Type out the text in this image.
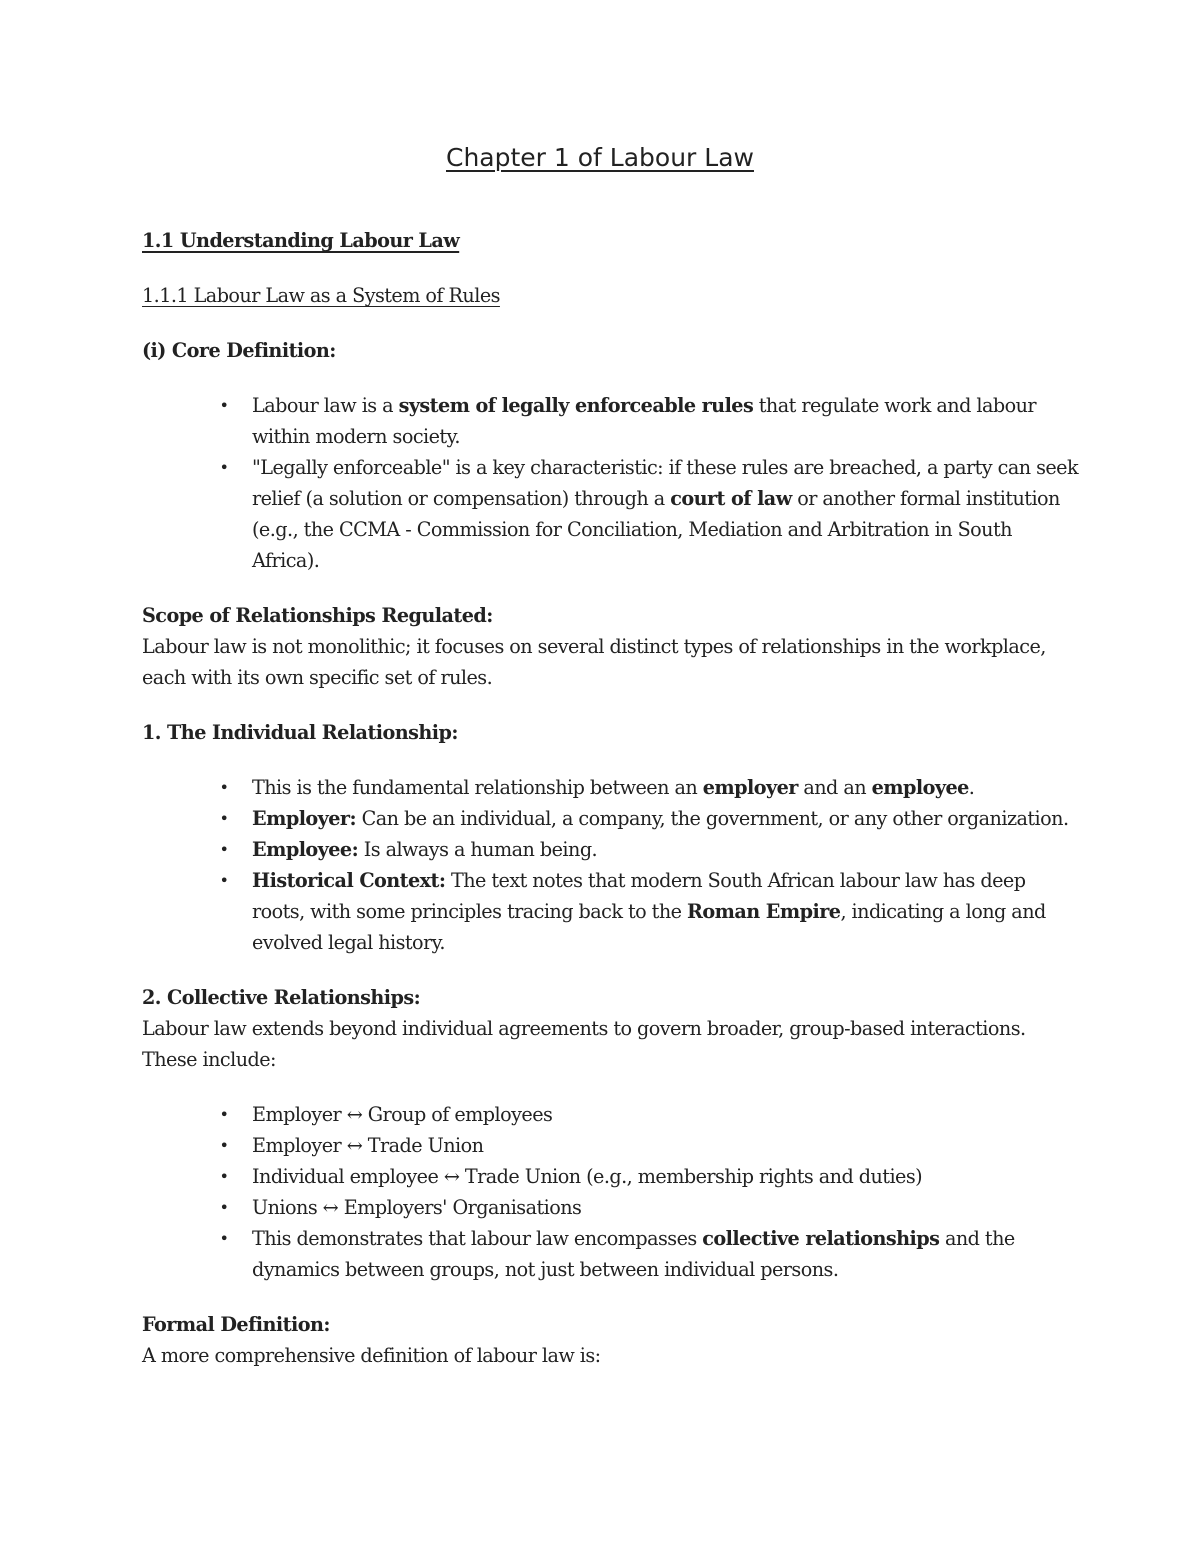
Chapter 1 of Labour Law

1.1 Understanding Labour Law

1.1.1 Labour Law as a System of Rules

(i) Core Definition:

• Labour law is a system of legally enforceable rules that regulate work and labour within modern society.
• "Legally enforceable" is a key characteristic: if these rules are breached, a party can seek relief (a solution or compensation) through a court of law or another formal institution (e.g., the CCMA - Commission for Conciliation, Mediation and Arbitration in South Africa).

Scope of Relationships Regulated:

Labour law is not monolithic; it focuses on several distinct types of relationships in the workplace, each with its own specific set of rules.

1. The Individual Relationship:

• This is the fundamental relationship between an employer and an employee.
• Employer: Can be an individual, a company, the government, or any other organization.
• Employee: Is always a human being.
• Historical Context: The text notes that modern South African labour law has deep roots, with some principles tracing back to the Roman Empire, indicating a long and evolved legal history.

2. Collective Relationships:

Labour law extends beyond individual agreements to govern broader, group-based interactions. These include:

• Employer ↔ Group of employees
• Employer ↔ Trade Union
• Individual employee ↔ Trade Union (e.g., membership rights and duties)
• Unions ↔ Employers' Organisations
• This demonstrates that labour law encompasses collective relationships and the dynamics between groups, not just between individual persons.

Formal Definition:

A more comprehensive definition of labour law is:
